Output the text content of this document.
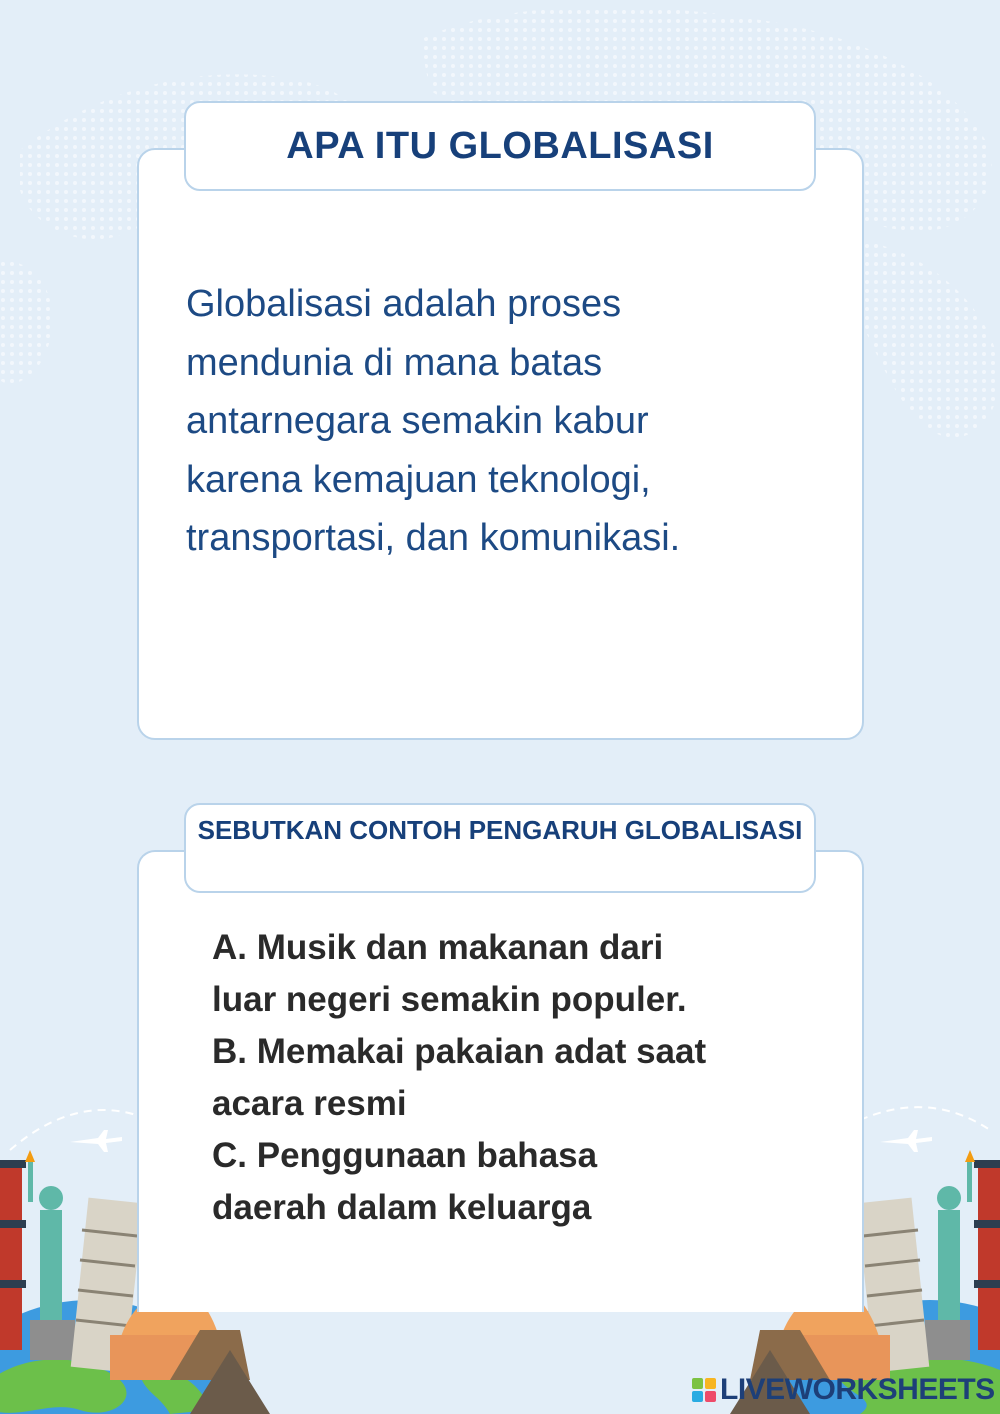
APA ITU GLOBALISASI
Globalisasi adalah proses
mendunia di mana batas
antarnegara semakin kabur
karena kemajuan teknologi,
transportasi, dan komunikasi.
SEBUTKAN CONTOH PENGARUH GLOBALISASI
A. Musik dan makanan dari
luar negeri semakin populer.
B. Memakai pakaian adat saat
acara resmi
C. Penggunaan bahasa
daerah dalam keluarga
LIVEWORKSHEETS
